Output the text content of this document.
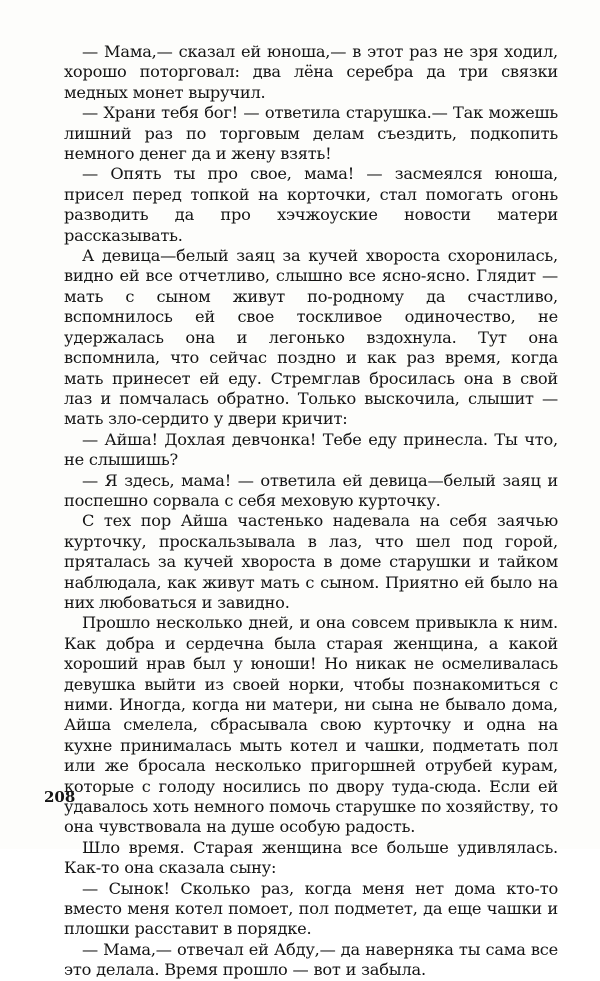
— Мама,— сказал ей юноша,— в этот раз не зря ходил, хорошо поторговал: два лёна серебра да три связки медных монет выручил.

— Храни тебя бог! — ответила старушка.— Так можешь лишний раз по торговым делам съездить, подкопить немного денег да и жену взять!

— Опять ты про свое, мама! — засмеялся юноша, присел перед топкой на корточки, стал помогать огонь разводить да про хэчжоуские новости матери рассказывать.

А девица—белый заяц за кучей хвороста схоронилась, видно ей все отчетливо, слышно все ясно-ясно. Глядит — мать с сыном живут по-родному да счастливо, вспомнилось ей свое тоскливое одиночество, не удержалась она и легонько вздохнула. Тут она вспомнила, что сейчас поздно и как раз время, когда мать принесет ей еду. Стремглав бросилась она в свой лаз и помчалась обратно. Только выскочила, слышит — мать зло-сердито у двери кричит:

— Айша! Дохлая девчонка! Тебе еду принесла. Ты что, не слышишь?

— Я здесь, мама! — ответила ей девица—белый заяц и поспешно сорвала с себя меховую курточку.

С тех пор Айша частенько надевала на себя заячью курточку, проскальзывала в лаз, что шел под горой, пряталась за кучей хвороста в доме старушки и тайком наблюдала, как живут мать с сыном. Приятно ей было на них любоваться и завидно.

Прошло несколько дней, и она совсем привыкла к ним. Как добра и сердечна была старая женщина, а какой хороший нрав был у юноши! Но никак не осмеливалась девушка выйти из своей норки, чтобы познакомиться с ними. Иногда, когда ни матери, ни сына не бывало дома, Айша смелела, сбрасывала свою курточку и одна на кухне принималась мыть котел и чашки, подметать пол или же бросала несколько пригоршней отрубей курам, которые с голоду носились по двору туда-сюда. Если ей удавалось хоть немного помочь старушке по хозяйству, то она чувствовала на душе особую радость.

Шло время. Старая женщина все больше удивлялась. Как-то она сказала сыну:

— Сынок! Сколько раз, когда меня нет дома кто-то вместо меня котел помоет, пол подметет, да еще чашки и плошки расставит в порядке.

— Мама,— отвечал ей Абду,— да наверняка ты сама все это делала. Время прошло — вот и забыла.

208
